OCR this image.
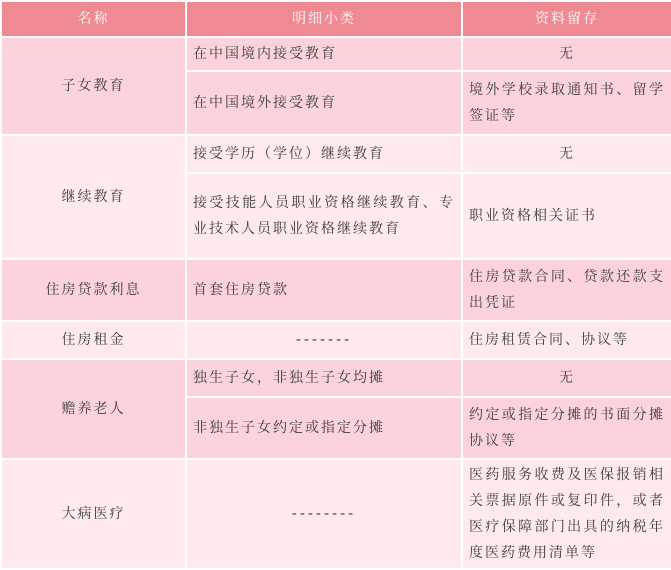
名称	明细小类	资料留存
子女教育	在中国境内接受教育	无
	在中国境外接受教育	境外学校录取通知书、留学签证等
继续教育	接受学历（学位）继续教育	无
	接受技能人员职业资格继续教育、专业技术人员职业资格继续教育	职业资格相关证书
住房贷款利息	首套住房贷款	住房贷款合同、贷款还款支出凭证
住房租金	-------	住房租赁合同、协议等
赡养老人	独生子女，非独生子女均摊	无
	非独生子女约定或指定分摊	约定或指定分摊的书面分摊协议等
大病医疗	--------	医药服务收费及医保报销相关票据原件或复印件，或者医疗保障部门出具的纳税年度医药费用清单等
